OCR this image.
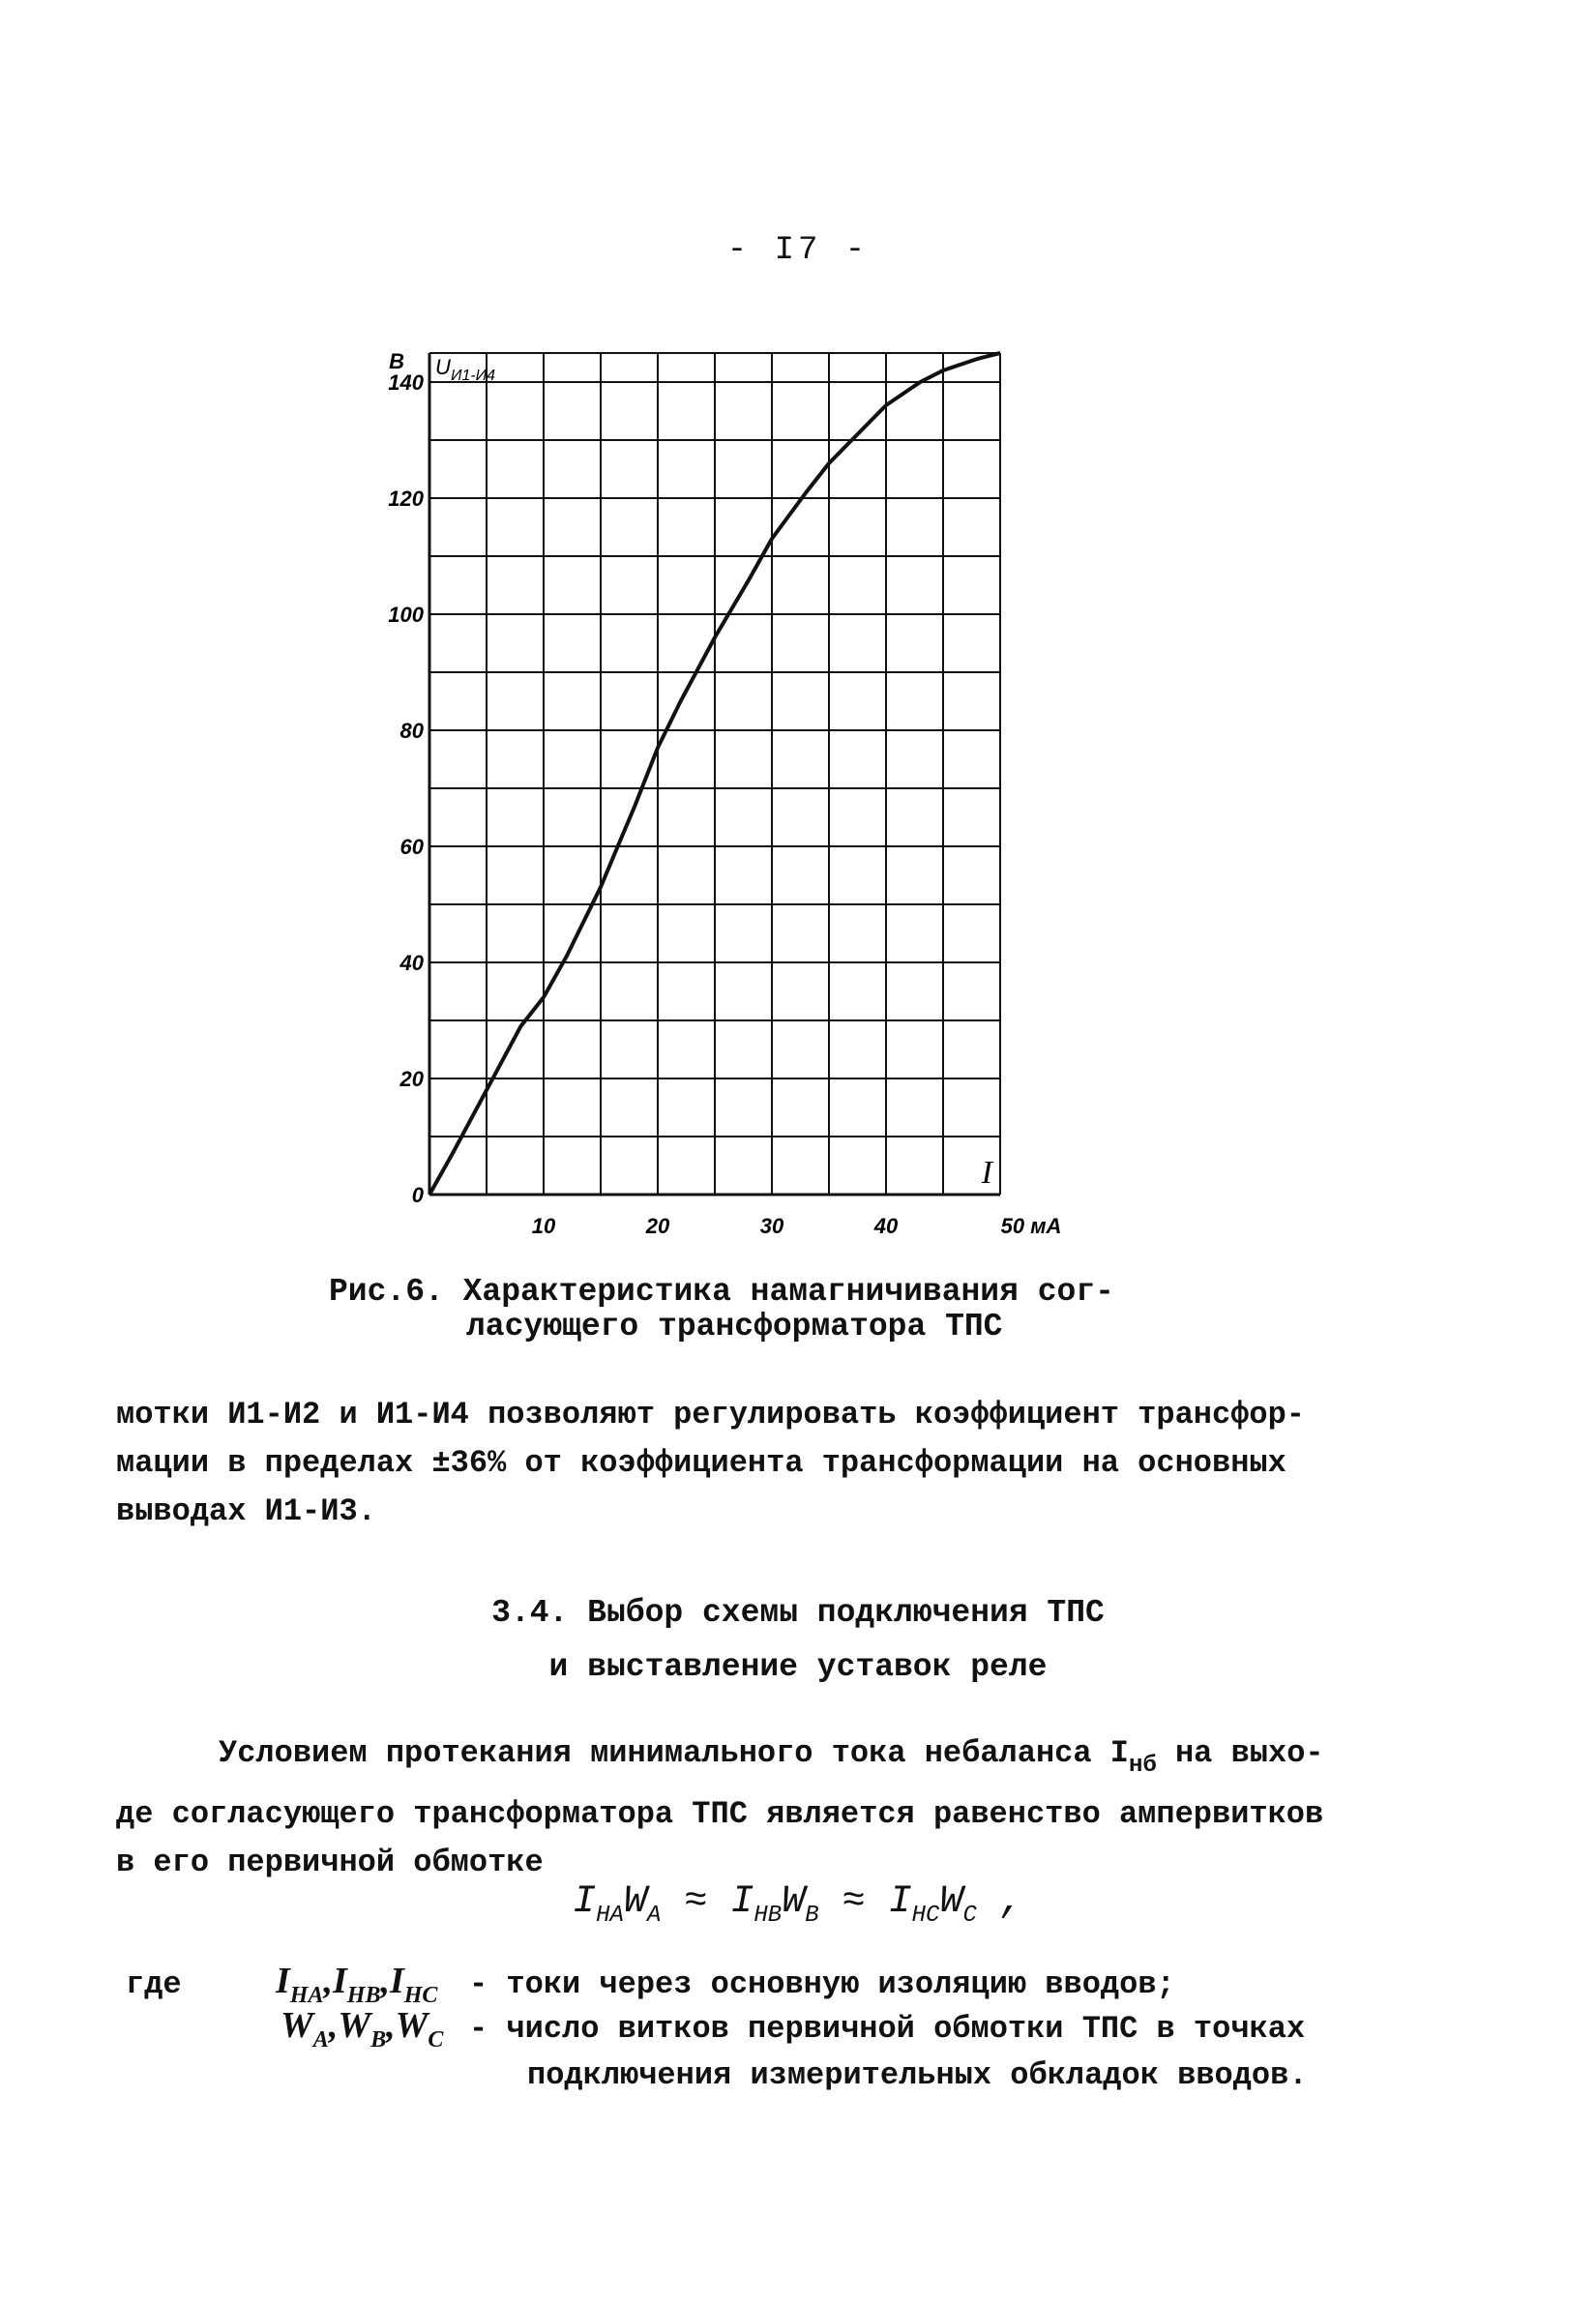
- I7 -
0
20
40
60
80
100
120
140
10	20	30	40
U И1-И4
В
I
50 мА
Рис.6. Характеристика намагничивания сог-
ласующего трансформатора ТПС
мотки И1-И2 и И1-И4 позволяют регулировать коэффициент трансфор-
мации в пределах ±36% от коэффициента трансформации на основных
выводах И1-И3.
3.4. Выбор схемы подключения ТПС
и выставление уставок реле
Условием протекания минимального тока небаланса $I_{нб}$ на выхо-
де согласующего трансформатора ТПС является равенство ампервитков
в его первичной обмотке
$I_{НА}W_А \approx I_{НВ}W_В \approx I_{НС}W_С$ ,
где	$I_{НА},I_{НВ},I_{НС}$ - токи через основную изоляцию вводов;
$W_А,W_В,W_С$ - число витков первичной обмотки ТПС в точках
подключения измерительных обкладок вводов.
